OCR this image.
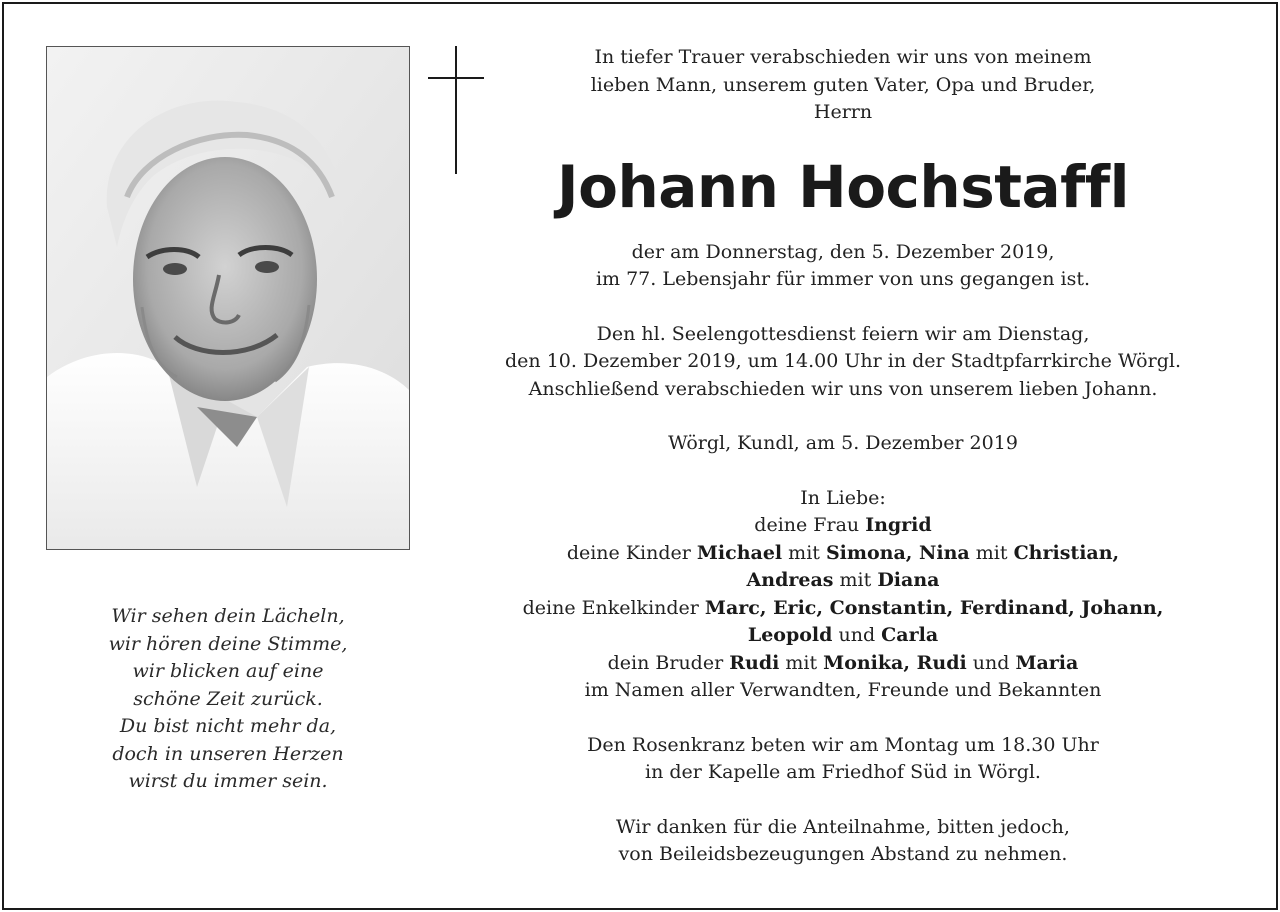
Wir sehen dein Lächeln,
wir hören deine Stimme,
wir blicken auf eine
schöne Zeit zurück.
Du bist nicht mehr da,
doch in unseren Herzen
wirst du immer sein.
In tiefer Trauer verabschieden wir uns von meinem
lieben Mann, unserem guten Vater, Opa und Bruder,
Herrn
Johann Hochstaffl
der am Donnerstag, den 5. Dezember 2019,
im 77. Lebensjahr für immer von uns gegangen ist.
Den hl. Seelengottesdienst feiern wir am Dienstag,
den 10. Dezember 2019, um 14.00 Uhr in der Stadtpfarrkirche Wörgl.
Anschließend verabschieden wir uns von unserem lieben Johann.
Wörgl, Kundl, am 5. Dezember 2019
In Liebe:
deine Frau Ingrid
deine Kinder Michael mit Simona, Nina mit Christian,
Andreas mit Diana
deine Enkelkinder Marc, Eric, Constantin, Ferdinand, Johann,
Leopold und Carla
dein Bruder Rudi mit Monika, Rudi und Maria
im Namen aller Verwandten, Freunde und Bekannten
Den Rosenkranz beten wir am Montag um 18.30 Uhr
in der Kapelle am Friedhof Süd in Wörgl.
Wir danken für die Anteilnahme, bitten jedoch,
von Beileidsbezeugungen Abstand zu nehmen.
